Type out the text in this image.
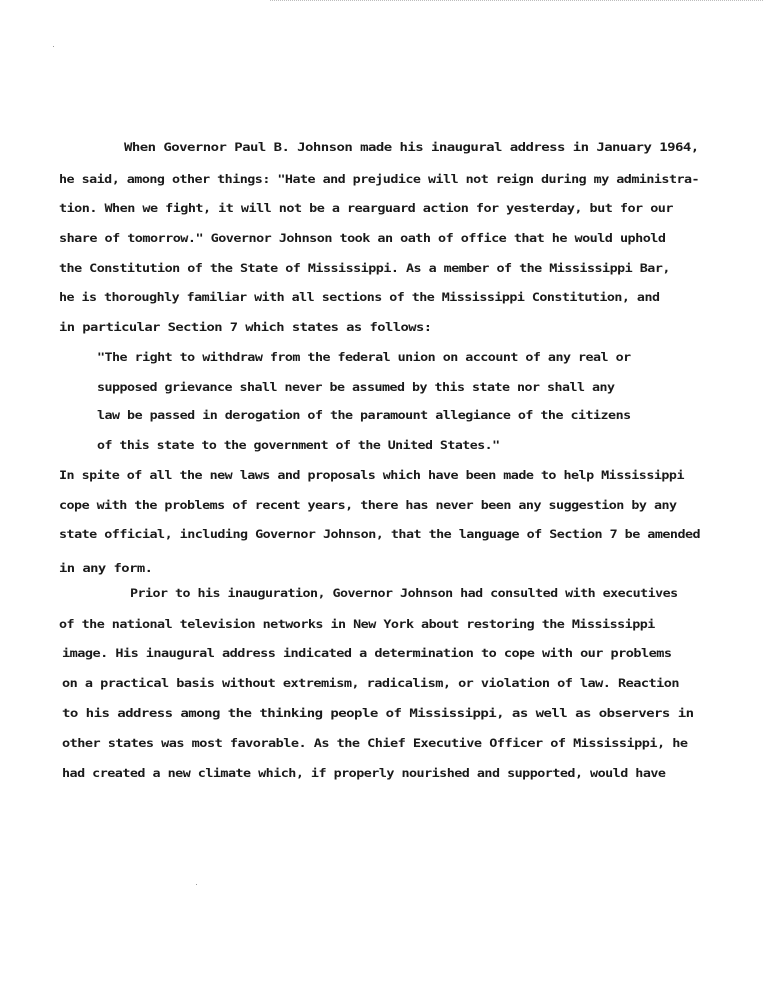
When Governor Paul B. Johnson made his inaugural address in January 1964,
he said, among other things: "Hate and prejudice will not reign during my administra-
tion. When we fight, it will not be a rearguard action for yesterday, but for our
share of tomorrow." Governor Johnson took an oath of office that he would uphold
the Constitution of the State of Mississippi. As a member of the Mississippi Bar,
he is thoroughly familiar with all sections of the Mississippi Constitution, and
in particular Section 7 which states as follows:
"The right to withdraw from the federal union on account of any real or
supposed grievance shall never be assumed by this state nor shall any
law be passed in derogation of the paramount allegiance of the citizens
of this state to the government of the United States."
In spite of all the new laws and proposals which have been made to help Mississippi
cope with the problems of recent years, there has never been any suggestion by any
state official, including Governor Johnson, that the language of Section 7 be amended
in any form.
Prior to his inauguration, Governor Johnson had consulted with executives
of the national television networks in New York about restoring the Mississippi
image. His inaugural address indicated a determination to cope with our problems
on a practical basis without extremism, radicalism, or violation of law. Reaction
to his address among the thinking people of Mississippi, as well as observers in
other states was most favorable. As the Chief Executive Officer of Mississippi, he
had created a new climate which, if properly nourished and supported, would have
